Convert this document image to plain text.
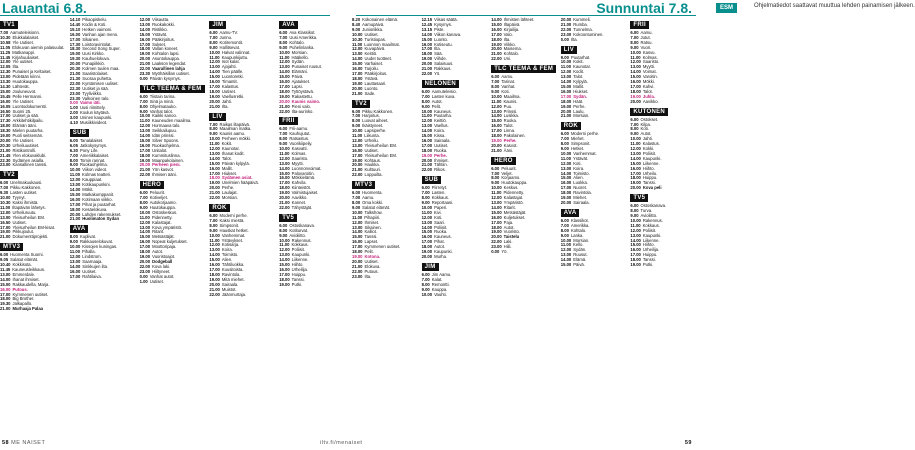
Lauantai 6.8.	ESM	Ohjelmatiedot saattavat muuttua lehden painamisen jälkeen.
Sunnuntai 7.8.
TV1
7.00 Aamuteleisionn.
10.30 Elukkalalaiset.
10.58 Yle Uutiset.
11.05 Elokuvan aiemin palasuulat.
11.25 Matkanappi.
11.45 Kirjahuuliaiset.
12.00 Yle uutiset.
12.05 Ilta.
12.30 Punaiset ja Keltaiset.
13.00 Pidetään kiinni.
13.30 Huutokauppa.
14.30 Lähtevät.
15.00 Jouluneuvot.
15.45 Pelle Hermanni.
16.00 Yle Uutiset.
16.05 Luontodokumentti.
16.50 Suomi 25.
17.00 Uutiset ja sää.
17.30 Arkkitehtikilpailu.
18.00 Elämän ääni.
18.30 Mielen puutarha.
19.00 Puoli seitsemän.
20.00 Yle Uutiset.
20.30 Urheiluuutiset.
21.00 Ristikontrolli.
21.45 Ylen elokuvaklubi.
22.30 Sydämen asialla.
23.00 Kansallinen tanssi.
TV2
6.00 Unelmakuukausi.
7.00 Pikku Kakkonen.
9.30 Lasten uutiset.
10.00 Tyynyt.
10.30 Kaksi ihmistä.
11.00 Iltapäivän lähetys.
12.00 Urheiluruutu.
13.00 Yleisurheilun EM.
16.50 Uutiset.
17.00 Yleisurheilun EM-kisat.
19.00 Pikkujoulut.
21.00 Dokumenttiprojekti.
MTV3
6.00 Huomenta Suomi.
9.05 Salatut elämät.
10.40 Kokkisota.
11.45 Kauneusleikkaus.
13.00 Emmerdale.
14.00 Ihanat ihmiset.
15.00 Rakkaudella, Marja.
16.00 Putous.
17.00 Kymmenen uutiset.
18.00 Big Brother.
19.30 Jalkapallo.
21.00 Murhaaja Palaa
14.10 Pikaopiskelu.
14.40 Kodin & Koti.
15.10 Hetken vaimoni.
16.00 Vanhan ajan meno.
17.00 Sikainen.
17.30 Loistoravintolat.
18.30 Second Song Super.
19.00 Uusi Kirkko.
19.30 Kauhuelokuva.
20.00 Punapiikkiö.
20.30 Kolmen tuulen maa.
21.00 Saaristolaiset.
21.30 Suoraa puhetta.
22.00 Kyntämisen uuliset.
22.30 Uutiset ja sää.
23.00 Tyyliviikko.
23.30 Valkoinen talo.
0.00 Vaimo iäti.
1.00 Uusi riimittely.
2.00 Koulun käytävä.
3.00 Uninen kaupunki.
4.10 Musiikkivideot.
SUB
6.00 Tanalalaiset.
6.05 Jatkokysymys.
6.30 Pony Life.
7.00 Ameriikkalaiset.
8.00 Tomin rannat.
9.00 Ruokaohjelma.
10.00 Viikon videot.
11.00 Kolmas teatteri.
12.00 Kauppiaat.
13.00 Kotikaupunkini.
14.00 Mökit.
15.00 Matkakumppanit.
16.00 Kotimaan viikko.
17.00 Pihat ja puutarhat.
18.00 Kesäelokuva.
20.00 Lahden rakennukset.
21.00 Huolimaton Sydan
AVA
8.00 Kuplivat.
9.00 Rakkauselokuvat.
10.00 Kissojen kuningas.
11.00 Pihalla.
12.00 Lindstrom.
13.00 Saarnaaja.
14.00 Sinkkujen ilta.
16.00 Uutiset.
17.00 Rahtilaiva.
12.00 Viisautta.
13.00 Ruokakokki.
14.00 Ristikko.
15.00 Ystävät.
16.00 Pääkirjoitus.
17.00 Sukset.
18.00 Vallan koneet.
19.00 Kohtalon lapsi.
20.00 Asuntokauppa.
21.00 Laakson legendat.
22.00 Vaarallinen lahja
23.30 Myöhäisillan uutiset.
0.00 Päivän kysymys.
TLC TEEMA & FEM
6.00 Tiistain tarina.
7.00 Sinä ja minä.
8.00 Ohjelmatauko.
9.00 Vanhat talot.
10.00 Kaikki sanoo.
11.00 Kauneuden maailma.
12.00 Hurmaava talo.
13.00 Seikkailupuu.
14.00 Idän prinssi.
15.00 Silver Spoons.
16.00 Ruokaohjelma.
17.00 Unitalot.
18.00 Kummituslinna.
19.00 Maanpakolainen.
20.00 Perheen pieni.
21.00 Yön kasvot.
22.00 Ihmisen ääni.
HERO
6.00 Peluurit.
7.00 Kotiveljet.
8.00 Autokorjaamo.
9.00 Huutokauppa.
10.00 Ostoskeskus.
11.00 Pidennetty.
12.00 Kalastajat.
13.00 Kova ympäristö.
14.00 Ritarit.
15.00 Metsästäjät.
16.00 Nopeat kuljetukset.
17.00 Moottoripaja.
18.00 Autot.
19.00 Vuoristoajot.
20.00 Dodgeball
22.00 Kova laki.
23.00 Hiiltyneet.
0.00 Vanhat autot.
1.00 Uutiset.
JIM
6.00 Aamu-TV.
7.00 Junnu.
8.00 Kotiremontit.
9.00 Hallitsevat.
10.00 Halvat valinnat.
11.00 Kaupunkijuttu.
12.00 Isot kalat.
13.00 Ajojahti.
14.00 Tien päälle.
15.00 Luontoretki.
16.00 Timantit.
17.00 Kalastus.
18.00 Uutiset.
19.00 Vaellusretki.
20.00 Jahti.
21.00 Ilta.
LIV
7.00 Raikas iltapäivä.
8.00 Maailman matka.
9.00 Kaunis aamu.
10.00 Perheen mökki.
11.00 Kokit.
12.00 Kaunotar.
13.00 Ihanat kodit.
14.00 Talot.
15.00 Päivän kylpylä.
16.00 Mallit.
17.00 Hiukset.
18.00 Sydämen asiat.
19.00 Unelmien hääpäivä.
20.00 Perhe.
21.00 Laulajat.
22.00 Morsian.
ROK
6.00 Moderni perhe.
7.00 Kaksi miestä.
8.00 Simpsonit.
9.00 Hauskat hetket.
10.00 Vanhemmat.
11.00 Ystävykset.
12.00 Kotisarja.
13.00 Koira.
14.00 Toimisto.
15.00 Alien.
16.00 Tähtiluokka.
17.00 Kuusitoista.
18.00 Ravintola.
19.00 Mitä miehet.
20.00 Sairaala.
21.00 Muistot.
22.00 Jäänmurtaja.
AVA
6.00 Ava Klassikot.
7.00 Uusi Amerikka.
8.00 Kohtalo.
9.00 Puhelinlanka.
10.00 Morsian.
11.00 Hääkello.
12.00 Sydän.
13.00 Punaiset ruusut.
14.00 Elämäni.
15.00 Päivä.
16.00 Ajatukset.
17.00 Lapsi.
18.00 Tyttöystävä.
19.00 Rakastettu.
20.00 Kaunis vaimo.
21.00 Pieni valo.
22.00 Ilta-aurinko.
FRII
6.00 Frii-aamu.
7.00 Kauhujutut.
8.00 Ratsastus.
9.00 Vuorikiipeily.
10.00 Kasvatti.
11.00 Kolmas.
12.00 Saaristo.
13.00 Myytti.
14.00 Luonnonvoimat.
15.00 Palovaroitin.
16.00 Mökkielämä.
17.00 Kahvila.
18.00 Kiinteistöt.
19.00 Valmistujaiset.
20.00 Aavikko.
21.00 Kannet.
22.00 Tähystäjät.
TV5
6.00 Ostoskanava.
8.00 Kotiturvat.
9.00 Avioliitto.
10.00 Rakennus.
11.00 Kokkaus.
12.00 Poliisit.
13.00 Kaupunki.
14.00 Liikenne.
15.00 Hiihto.
16.00 Urheilija.
17.00 Huippu.
18.00 Tanssi.
19.00 Putki.
8.20 Kokonainen elämä.
8.40 Aamupäivä.
9.00 Junioriikka.
10.00 Uutiset.
10.30 Turistiopas.
11.00 Luonnon maailmat.
12.00 Kuvapäivä.
13.00 Keittiö.
14.00 Uudet tuotteet.
15.00 Varhaiset.
16.00 Tarjoilu.
17.00 Pääkirjoitus.
18.00 Ystävä.
19.00 Lauttasaari.
20.00 Luonto.
21.00 Sade.
TV2
6.00 Pikku Kakkonen.
7.00 Harjoitus.
8.00 Luovat aiheet.
9.00 Ikäistyneet.
10.00 Lapsiperhe.
11.00 Liikunta.
12.00 Urheilu.
13.00 Yleisurheilun EM.
16.00 Uutiset.
17.00 Yleisurheilun EM.
19.00 Kohtaus.
20.00 Haukka.
21.00 Kulttuuri.
22.00 Loppuilta.
MTV3
6.00 Huomenta.
7.00 Aamu.
8.00 Oma kokki.
9.00 Salatut elämät.
10.00 Talkshow.
11.00 Pihapiiri.
12.00 Ihmiset.
13.00 Sikainen.
14.00 Kalliot.
15.00 Tanssi.
16.00 Lapset.
17.00 Kymmenen uutiset.
18.00 Pelit.
19.00 Kotona.
20.00 Uutiset.
21.00 Elokuva.
22.00 Putous.
23.00 Ilta.
12.15 Viisas säätä.
12.45 Kysymys.
13.15 Piste.
14.00 Viikon kanava.
15.00 Luonto.
16.00 Kotiseutu.
17.00 Ilta.
18.00 Sää.
19.00 Viihde.
20.00 Salaisuus.
21.00 Rakkaus.
22.00 Yö.
NELONEN
6.00 Aamuteleisio.
7.00 Lasten kuva.
8.00 Autot.
9.00 Pelit.
10.00 Kauneus.
11.00 Puutarha.
12.00 Keittiö.
13.00 Vaellus.
14.00 Koira.
15.00 Kissa.
16.00 Sairaala.
17.00 Uutiset.
18.00 Ruoka.
19.00 Perhe.
20.00 Ihmiset.
21.00 Tähtiin.
22.00 Rikos.
SUB
6.00 Piirretyt.
7.00 Lasten.
8.00 Kokkaus.
9.00 Reportaasi.
10.00 Paperi.
11.00 Kivi.
12.00 Koti.
13.00 Saari.
14.00 Poliisit.
15.00 Ruoka.
16.00 Kauneus.
17.00 Pihat.
18.00 Autot.
19.00 Kaupunki.
20.00 Murha.
JIM
6.00 Jim Aamu.
7.00 Kalat.
8.00 Remontti.
9.00 Kauppa.
10.00 Vauhti.
14.00 Ihmisten lähteet.
15.00 Iltapäivä.
16.00 Kirjailija.
17.00 Valo.
18.00 Ilta.
19.00 Viikko.
20.00 Maisema.
21.00 Kohtalo.
22.00 Uni.
TLC TEEMA & FEM
6.00 Aamu.
7.00 Tarinat.
8.00 Vanhat.
9.00 Koti.
10.00 Maailma.
11.00 Kaunis.
12.00 Puu.
13.00 Prinssi.
14.00 Lusikka.
15.00 Ruoka.
16.00 Talot.
17.00 Linna.
18.00 Pakolainen.
19.00 Perhe.
20.00 Kasvot.
21.00 Ääni.
HERO
6.00 Peluurit.
7.00 Veljet.
8.00 Korjaamo.
9.00 Huutokauppa.
10.00 Keskus.
11.00 Pidennetty.
12.00 Kalastajat.
13.00 Ympäristö.
14.00 Ritarit.
15.00 Metsästäjät.
16.00 Kuljetukset.
17.00 Paja.
18.00 Autot.
19.00 Vuoristo.
20.00 Taistelu
22.00 Laki.
23.00 Hiili.
0.00 Yö.
20.00 Kummeli.
21.00 Rumba.
22.00 Tunnelma.
23.00 Kokoontuminen.
0.00 Ilta.
LIV
9.00 Puutarhat.
10.00 Kokit.
11.00 Kaunotar.
12.00 Kodit.
13.00 Talot.
14.00 Kylpylä.
15.00 Mallit.
16.00 Hiukset.
17.00 Sydän.
18.00 Häät.
19.00 Perhe.
20.00 Laulu.
21.00 Morsian.
ROK
6.00 Moderni perhe.
7.00 Miehet.
8.00 Simpsonit.
9.00 Hetket.
10.00 Vanhemmat.
11.00 Ystävät.
12.00 Koti.
13.00 Koira.
14.00 Toimisto.
15.00 Alien.
16.00 Luokka.
17.00 Nuoret.
18.00 Ravintola.
19.00 Miehet.
20.00 Sairaala.
AVA
6.00 Klassikot.
7.00 Amerikka.
8.00 Kohtalo.
9.00 Lanka.
10.00 Morsian.
11.00 Kello.
12.00 Sydän.
13.00 Ruusut.
14.00 Elämä.
15.00 Päivä.
FRII
6.00 Aamu.
7.00 Jutut.
8.00 Ratsu.
9.00 Vuori.
10.00 Kasvu.
11.00 Kolmas.
12.00 Saaristo.
13.00 Myytti.
14.00 Voimat.
15.00 Varoitin.
16.00 Mökki.
17.00 Kahvi.
18.00 Talot.
19.00 Juhla.
20.00 Aavikko.
KUTONEN
6.00 Ostokset.
7.00 Kilpa.
8.00 Koti.
9.00 Autot.
10.00 Jahti.
11.00 Kalastus.
12.00 Kokki.
13.00 Poliisit.
14.00 Kaupunki.
15.00 Liikenne.
16.00 Hiihto.
17.00 Urheilu.
18.00 Huippu.
19.00 Tanssi.
20.00 Kova peli
TV5
6.00 Ostoskanava.
8.00 Turva.
9.00 Avioliitto.
10.00 Rakennus.
11.00 Kokkaus.
12.00 Poliisit.
13.00 Kaupunki.
14.00 Liikenne.
15.00 Hiihto.
16.00 Urheilija.
17.00 Huippu.
18.00 Tanssi.
19.00 Putki.
58 ME NAISET	iltv.fi/menaiset	59
